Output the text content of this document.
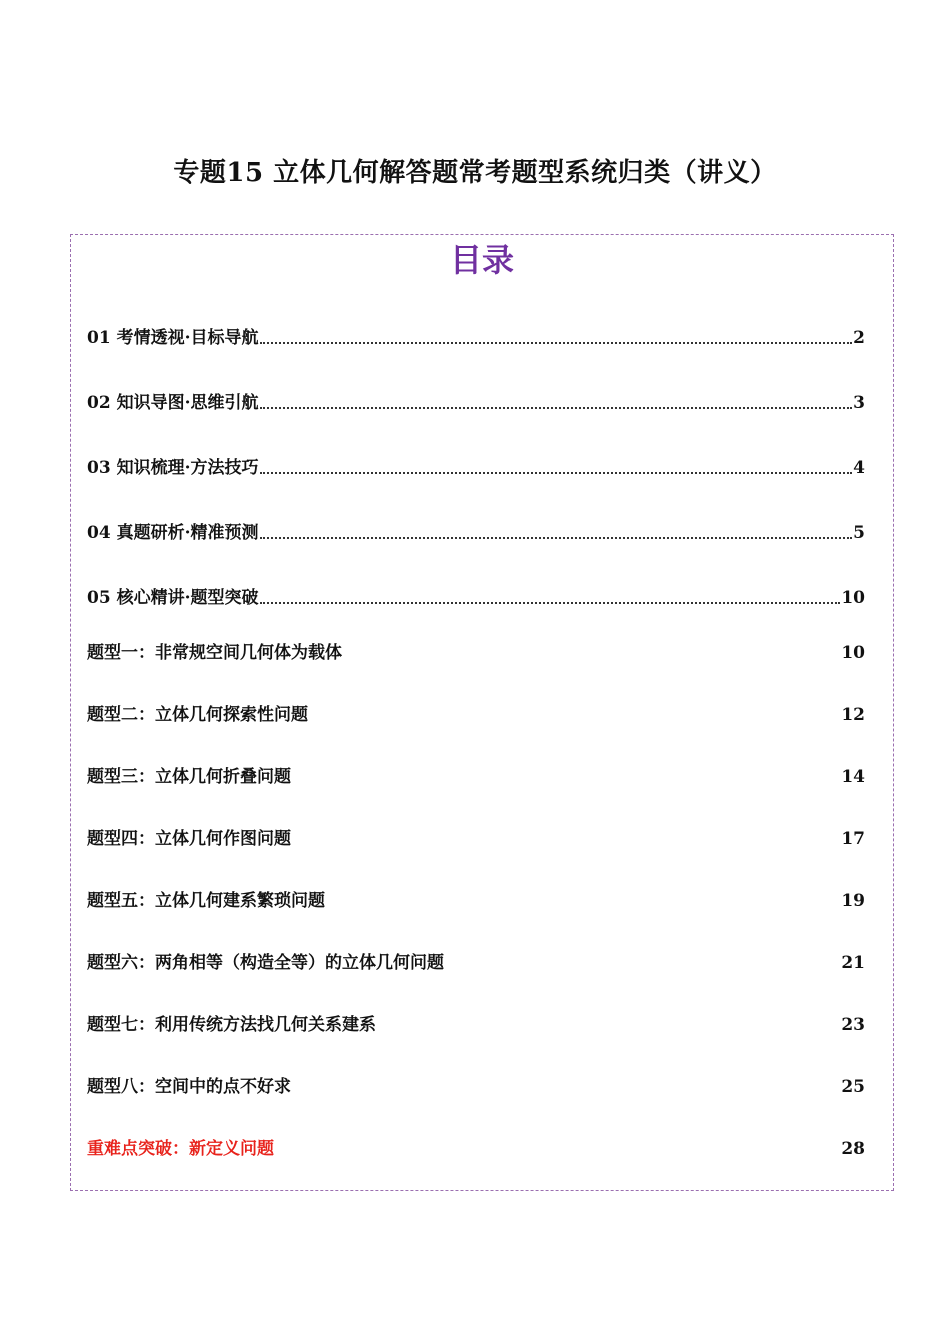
专题15 立体几何解答题常考题型系统归类（讲义）
目录
01 考情透视·目标导航	2
02 知识导图·思维引航	3
03 知识梳理·方法技巧	4
04 真题研析·精准预测	5
05 核心精讲·题型突破	10
题型一：非常规空间几何体为载体	10
题型二：立体几何探索性问题	12
题型三：立体几何折叠问题	14
题型四：立体几何作图问题	17
题型五：立体几何建系繁琐问题	19
题型六：两角相等（构造全等）的立体几何问题	21
题型七：利用传统方法找几何关系建系	23
题型八：空间中的点不好求	25
重难点突破：新定义问题	28
